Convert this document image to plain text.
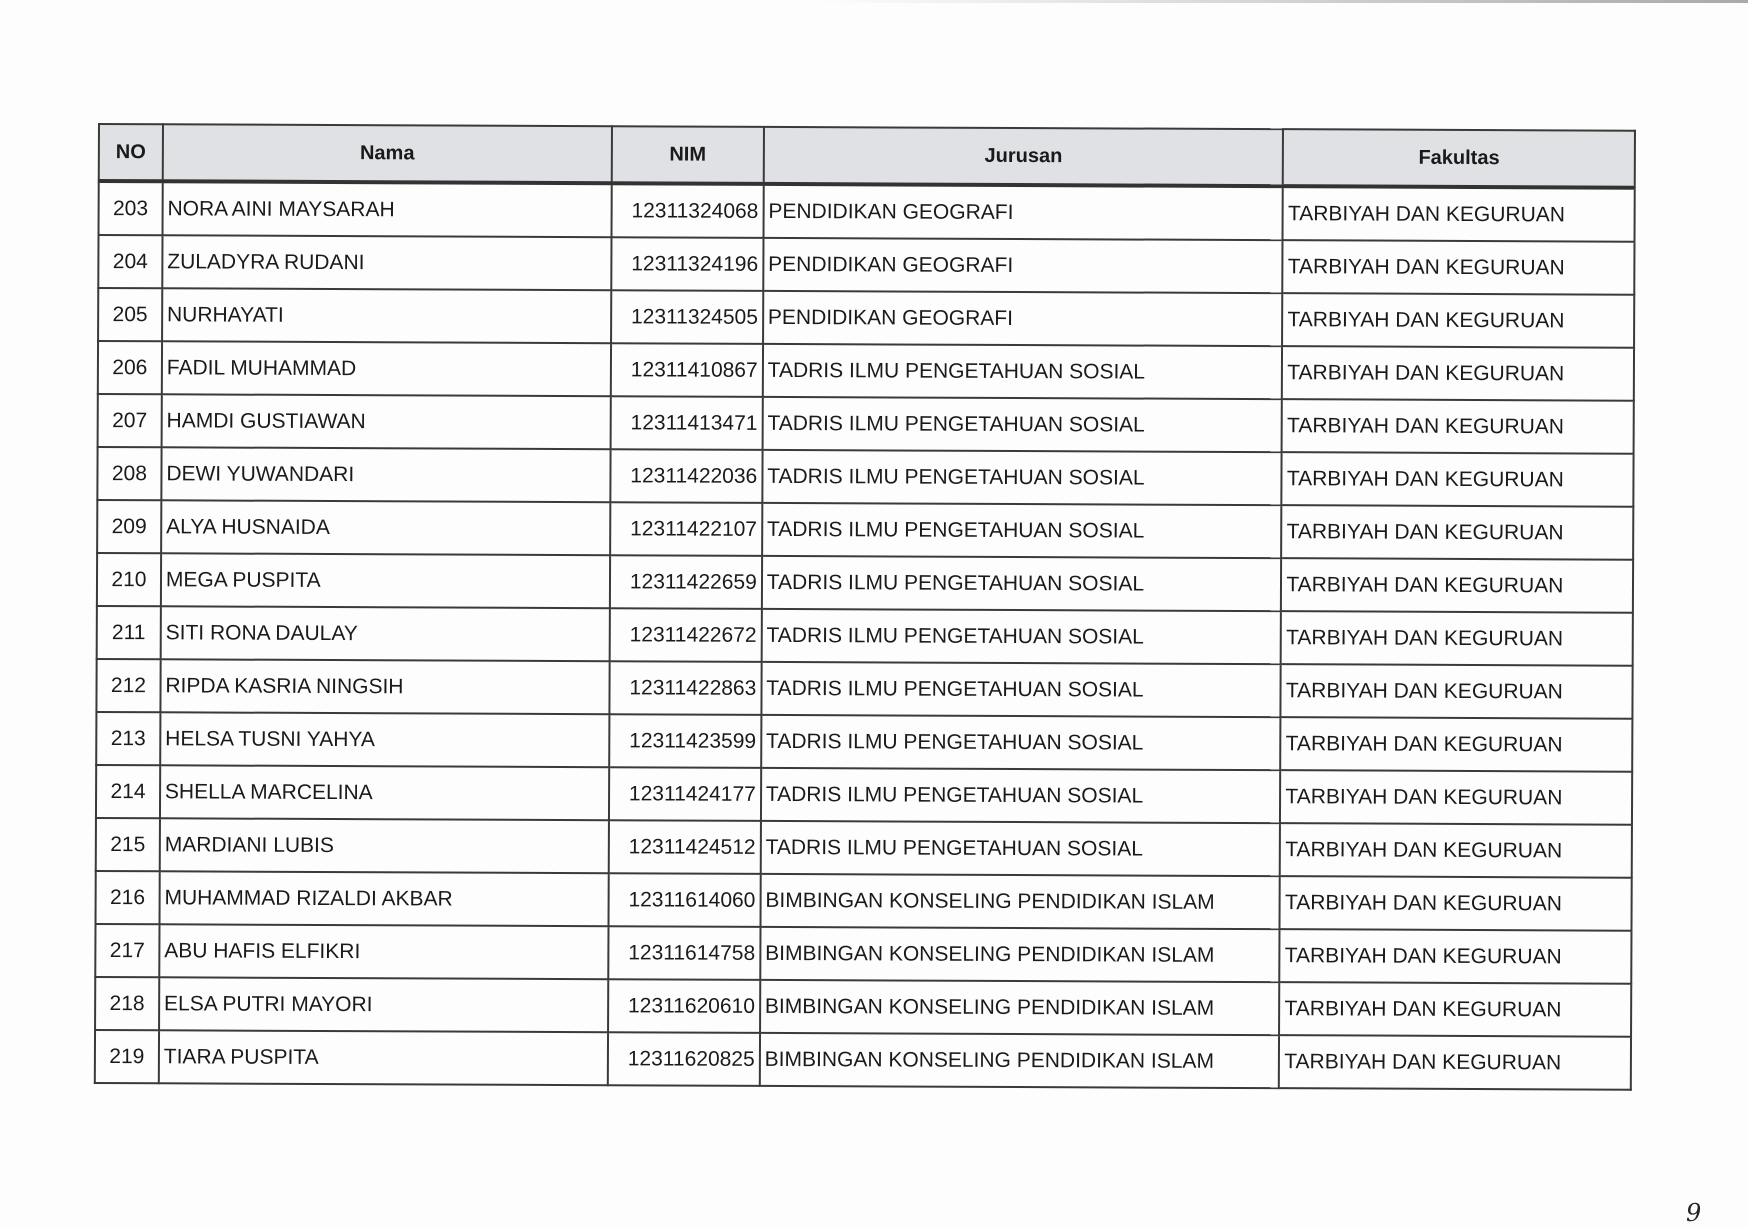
NO	Nama	NIM	Jurusan	Fakultas
203	NORA AINI MAYSARAH	12311324068	PENDIDIKAN GEOGRAFI	TARBIYAH DAN KEGURUAN
204	ZULADYRA RUDANI	12311324196	PENDIDIKAN GEOGRAFI	TARBIYAH DAN KEGURUAN
205	NURHAYATI	12311324505	PENDIDIKAN GEOGRAFI	TARBIYAH DAN KEGURUAN
206	FADIL MUHAMMAD	12311410867	TADRIS ILMU PENGETAHUAN SOSIAL	TARBIYAH DAN KEGURUAN
207	HAMDI GUSTIAWAN	12311413471	TADRIS ILMU PENGETAHUAN SOSIAL	TARBIYAH DAN KEGURUAN
208	DEWI YUWANDARI	12311422036	TADRIS ILMU PENGETAHUAN SOSIAL	TARBIYAH DAN KEGURUAN
209	ALYA HUSNAIDA	12311422107	TADRIS ILMU PENGETAHUAN SOSIAL	TARBIYAH DAN KEGURUAN
210	MEGA PUSPITA	12311422659	TADRIS ILMU PENGETAHUAN SOSIAL	TARBIYAH DAN KEGURUAN
211	SITI RONA DAULAY	12311422672	TADRIS ILMU PENGETAHUAN SOSIAL	TARBIYAH DAN KEGURUAN
212	RIPDA KASRIA NINGSIH	12311422863	TADRIS ILMU PENGETAHUAN SOSIAL	TARBIYAH DAN KEGURUAN
213	HELSA TUSNI YAHYA	12311423599	TADRIS ILMU PENGETAHUAN SOSIAL	TARBIYAH DAN KEGURUAN
214	SHELLA MARCELINA	12311424177	TADRIS ILMU PENGETAHUAN SOSIAL	TARBIYAH DAN KEGURUAN
215	MARDIANI LUBIS	12311424512	TADRIS ILMU PENGETAHUAN SOSIAL	TARBIYAH DAN KEGURUAN
216	MUHAMMAD RIZALDI AKBAR	12311614060	BIMBINGAN KONSELING PENDIDIKAN ISLAM	TARBIYAH DAN KEGURUAN
217	ABU HAFIS ELFIKRI	12311614758	BIMBINGAN KONSELING PENDIDIKAN ISLAM	TARBIYAH DAN KEGURUAN
218	ELSA PUTRI MAYORI	12311620610	BIMBINGAN KONSELING PENDIDIKAN ISLAM	TARBIYAH DAN KEGURUAN
219	TIARA PUSPITA	12311620825	BIMBINGAN KONSELING PENDIDIKAN ISLAM	TARBIYAH DAN KEGURUAN
9
